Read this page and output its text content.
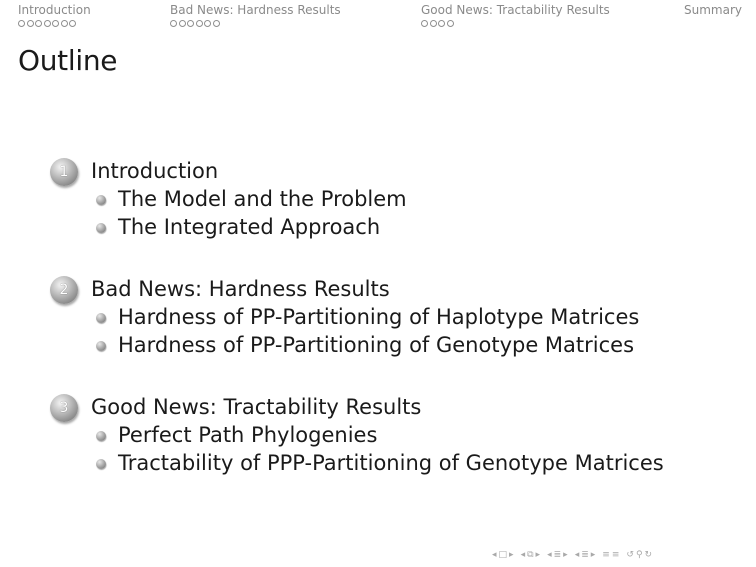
Introduction	Bad News: Hardness Results	Good News: Tractability Results	Summary
Outline
1	Introduction
The Model and the Problem
The Integrated Approach
2	Bad News: Hardness Results
Hardness of PP-Partitioning of Haplotype Matrices
Hardness of PP-Partitioning of Genotype Matrices
3	Good News: Tractability Results
Perfect Path Phylogenies
Tractability of PPP-Partitioning of Genotype Matrices
◂ □ ▸ ◂ ⧉ ▸ ◂ ≣ ▸ ◂ ≣ ▸ ≡ ≡ ↺ ⚲ ↻
